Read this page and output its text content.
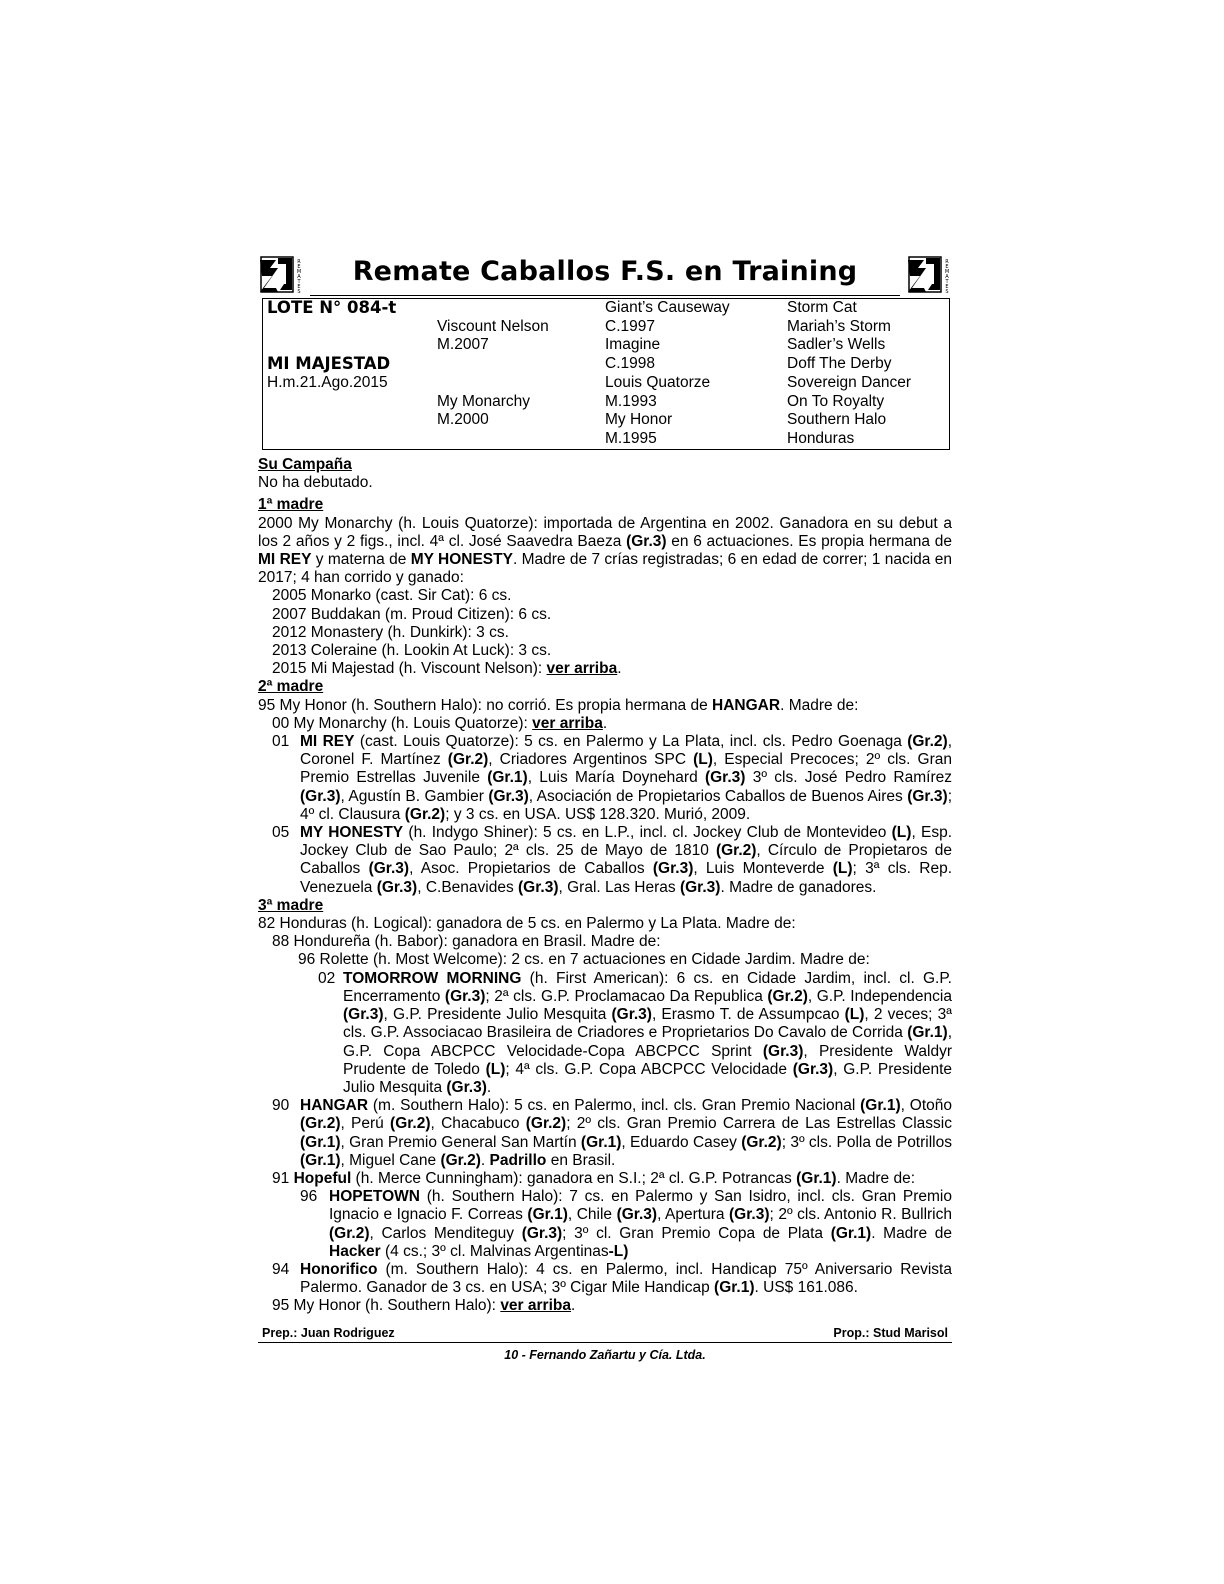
R
E
M
A
T
E
S
Remate Caballos F.S. en Training	R
E
M
A
T
E
S
LOTE N° 084-t
MI MAJESTAD
H.m.21.Ago.2015
Viscount Nelson
M.2007
My Monarchy
M.2000
Giant’s Causeway
C.1997
Imagine
C.1998
Louis Quatorze
M.1993
My Honor
M.1995
Storm Cat
Mariah’s Storm
Sadler’s Wells
Doff The Derby
Sovereign Dancer
On To Royalty
Southern Halo
Honduras
Su Campaña
No ha debutado.
1ª madre
2000 My Monarchy (h. Louis Quatorze): importada de Argentina en 2002. Ganadora en su debut a los 2 años y 2 figs., incl. 4ª cl. José Saavedra Baeza (Gr.3) en 6 actuaciones. Es propia hermana de MI REY y materna de MY HONESTY. Madre de 7 crías registradas; 6 en edad de correr; 1 nacida en 2017; 4 han corrido y ganado:
2005 Monarko (cast. Sir Cat): 6 cs.
2007 Buddakan (m. Proud Citizen): 6 cs.
2012 Monastery (h. Dunkirk): 3 cs.
2013 Coleraine (h. Lookin At Luck): 3 cs.
2015 Mi Majestad (h. Viscount Nelson): ver arriba.
2ª madre
95 My Honor (h. Southern Halo): no corrió. Es propia hermana de HANGAR. Madre de:
00 My Monarchy (h. Louis Quatorze): ver arriba.
01 MI REY (cast. Louis Quatorze): 5 cs. en Palermo y La Plata, incl. cls. Pedro Goenaga (Gr.2), Coronel F. Martínez (Gr.2), Criadores Argentinos SPC (L), Especial Precoces; 2º cls. Gran Premio Estrellas Juvenile (Gr.1), Luis María Doynehard (Gr.3) 3º cls. José Pedro Ramírez (Gr.3), Agustín B. Gambier (Gr.3), Asociación de Propietarios Caballos de Buenos Aires (Gr.3); 4º cl. Clausura (Gr.2); y 3 cs. en USA. US$ 128.320. Murió, 2009.
05 MY HONESTY (h. Indygo Shiner): 5 cs. en L.P., incl. cl. Jockey Club de Montevideo (L), Esp. Jockey Club de Sao Paulo; 2ª cls. 25 de Mayo de 1810 (Gr.2), Círculo de Propietaros de Caballos (Gr.3), Asoc. Propietarios de Caballos (Gr.3), Luis Monteverde (L); 3ª cls. Rep. Venezuela (Gr.3), C.Benavides (Gr.3), Gral. Las Heras (Gr.3). Madre de ganadores.
3ª madre
82 Honduras (h. Logical): ganadora de 5 cs. en Palermo y La Plata. Madre de:
88 Hondureña (h. Babor): ganadora en Brasil. Madre de:
96 Rolette (h. Most Welcome): 2 cs. en 7 actuaciones en Cidade Jardim. Madre de:
02 TOMORROW MORNING (h. First American): 6 cs. en Cidade Jardim, incl. cl. G.P. Encerramento (Gr.3); 2ª cls. G.P. Proclamacao Da Republica (Gr.2), G.P. Independencia (Gr.3), G.P. Presidente Julio Mesquita (Gr.3), Erasmo T. de Assumpcao (L), 2 veces; 3ª cls. G.P. Associacao Brasileira de Criadores e Proprietarios Do Cavalo de Corrida (Gr.1), G.P. Copa ABCPCC Velocidade-Copa ABCPCC Sprint (Gr.3), Presidente Waldyr Prudente de Toledo (L); 4ª cls. G.P. Copa ABCPCC Velocidade (Gr.3), G.P. Presidente Julio Mesquita (Gr.3).
90 HANGAR (m. Southern Halo): 5 cs. en Palermo, incl. cls. Gran Premio Nacional (Gr.1), Otoño (Gr.2), Perú (Gr.2), Chacabuco (Gr.2); 2º cls. Gran Premio Carrera de Las Estrellas Classic (Gr.1), Gran Premio General San Martín (Gr.1), Eduardo Casey (Gr.2); 3º cls. Polla de Potrillos (Gr.1), Miguel Cane (Gr.2). Padrillo en Brasil.
91 Hopeful (h. Merce Cunningham): ganadora en S.I.; 2ª cl. G.P. Potrancas (Gr.1). Madre de:
96 HOPETOWN (h. Southern Halo): 7 cs. en Palermo y San Isidro, incl. cls. Gran Premio Ignacio e Ignacio F. Correas (Gr.1), Chile (Gr.3), Apertura (Gr.3); 2º cls. Antonio R. Bullrich (Gr.2), Carlos Menditeguy (Gr.3); 3º cl. Gran Premio Copa de Plata (Gr.1). Madre de Hacker (4 cs.; 3º cl. Malvinas Argentinas-L)
94 Honorifico (m. Southern Halo): 4 cs. en Palermo, incl. Handicap 75º Aniversario Revista Palermo. Ganador de 3 cs. en USA; 3º Cigar Mile Handicap (Gr.1). US$ 161.086.
95 My Honor (h. Southern Halo): ver arriba.
Prep.: Juan Rodriguez	Prop.: Stud Marisol
10 - Fernando Zañartu y Cía. Ltda.
